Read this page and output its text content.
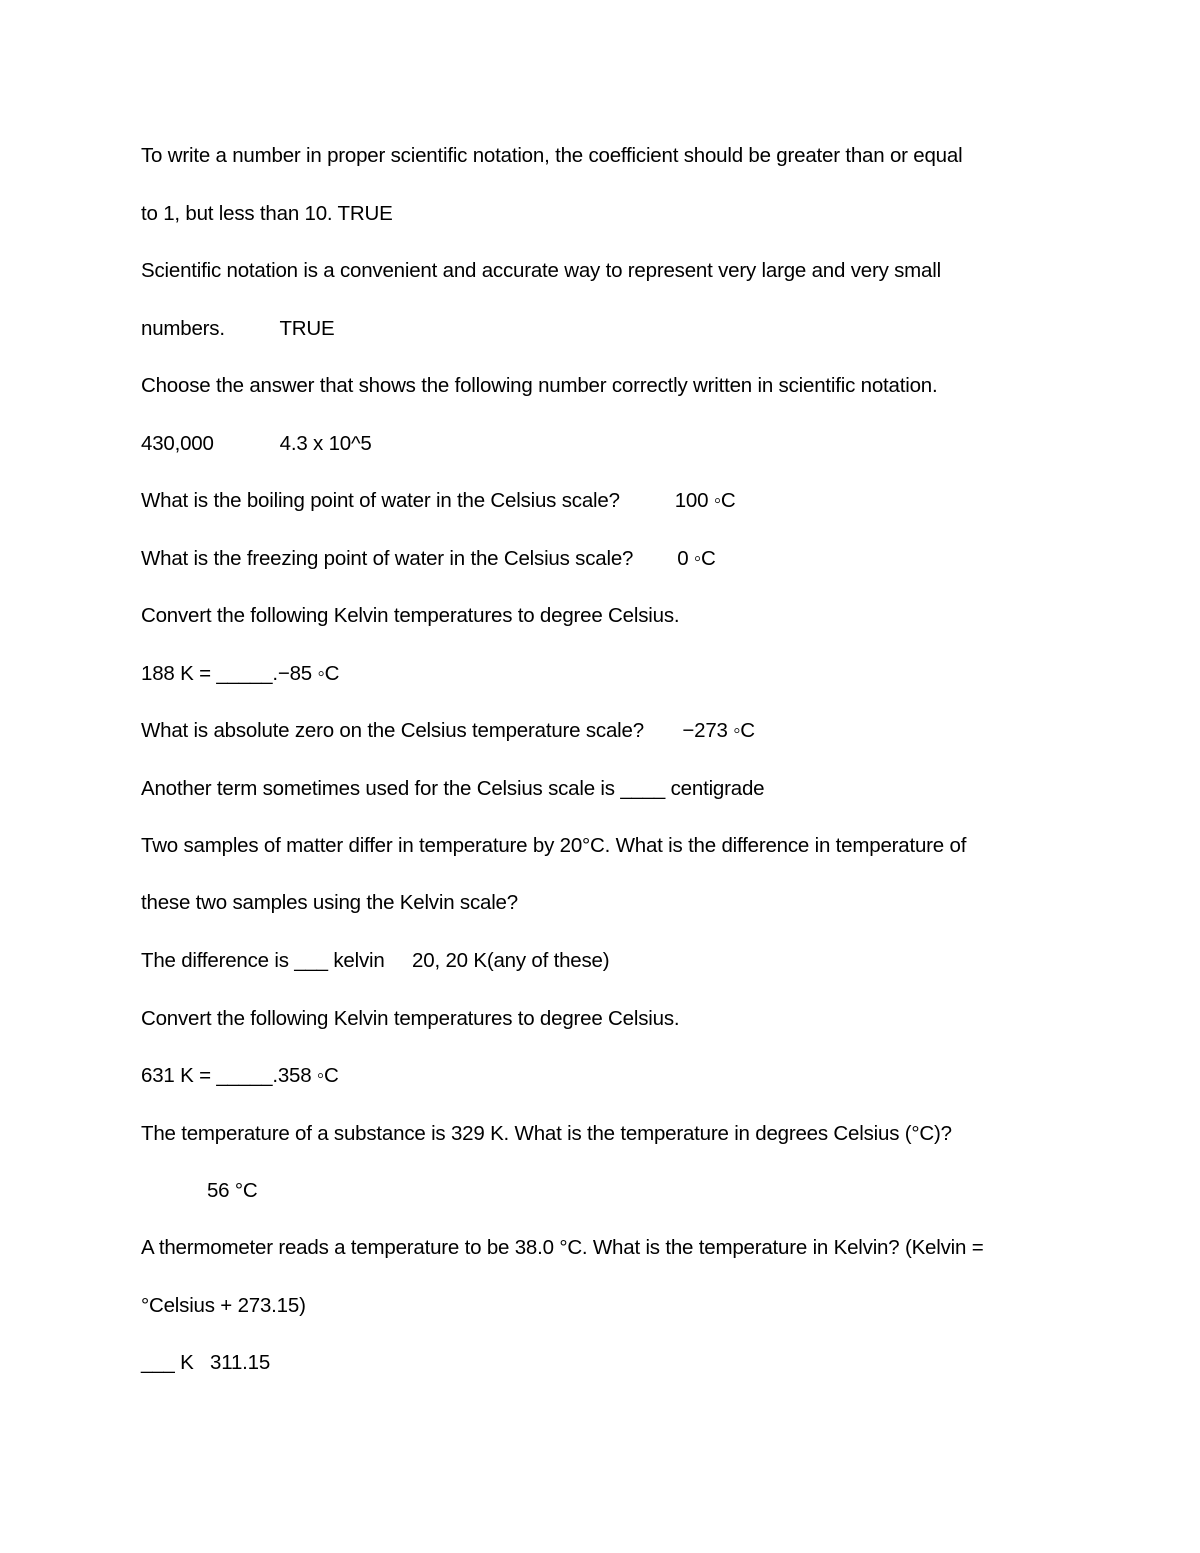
To write a number in proper scientific notation, the coefficient should be greater than or equal
to 1, but less than 10. TRUE
Scientific notation is a convenient and accurate way to represent very large and very small
numbers.          TRUE
Choose the answer that shows the following number correctly written in scientific notation.
430,000            4.3 x 10^5
What is the boiling point of water in the Celsius scale?          100 ◦C
What is the freezing point of water in the Celsius scale?        0 ◦C
Convert the following Kelvin temperatures to degree Celsius.
188 K = _____.−85 ◦C
What is absolute zero on the Celsius temperature scale?       −273 ◦C
Another term sometimes used for the Celsius scale is ____ centigrade
Two samples of matter differ in temperature by 20°C. What is the difference in temperature of
these two samples using the Kelvin scale?
The difference is ___ kelvin     20, 20 K(any of these)
Convert the following Kelvin temperatures to degree Celsius.
631 K = _____.358 ◦C
The temperature of a substance is 329 K. What is the temperature in degrees Celsius (°C)?
56 °C
A thermometer reads a temperature to be 38.0 °C. What is the temperature in Kelvin? (Kelvin =
°Celsius + 273.15)
___ K   311.15
